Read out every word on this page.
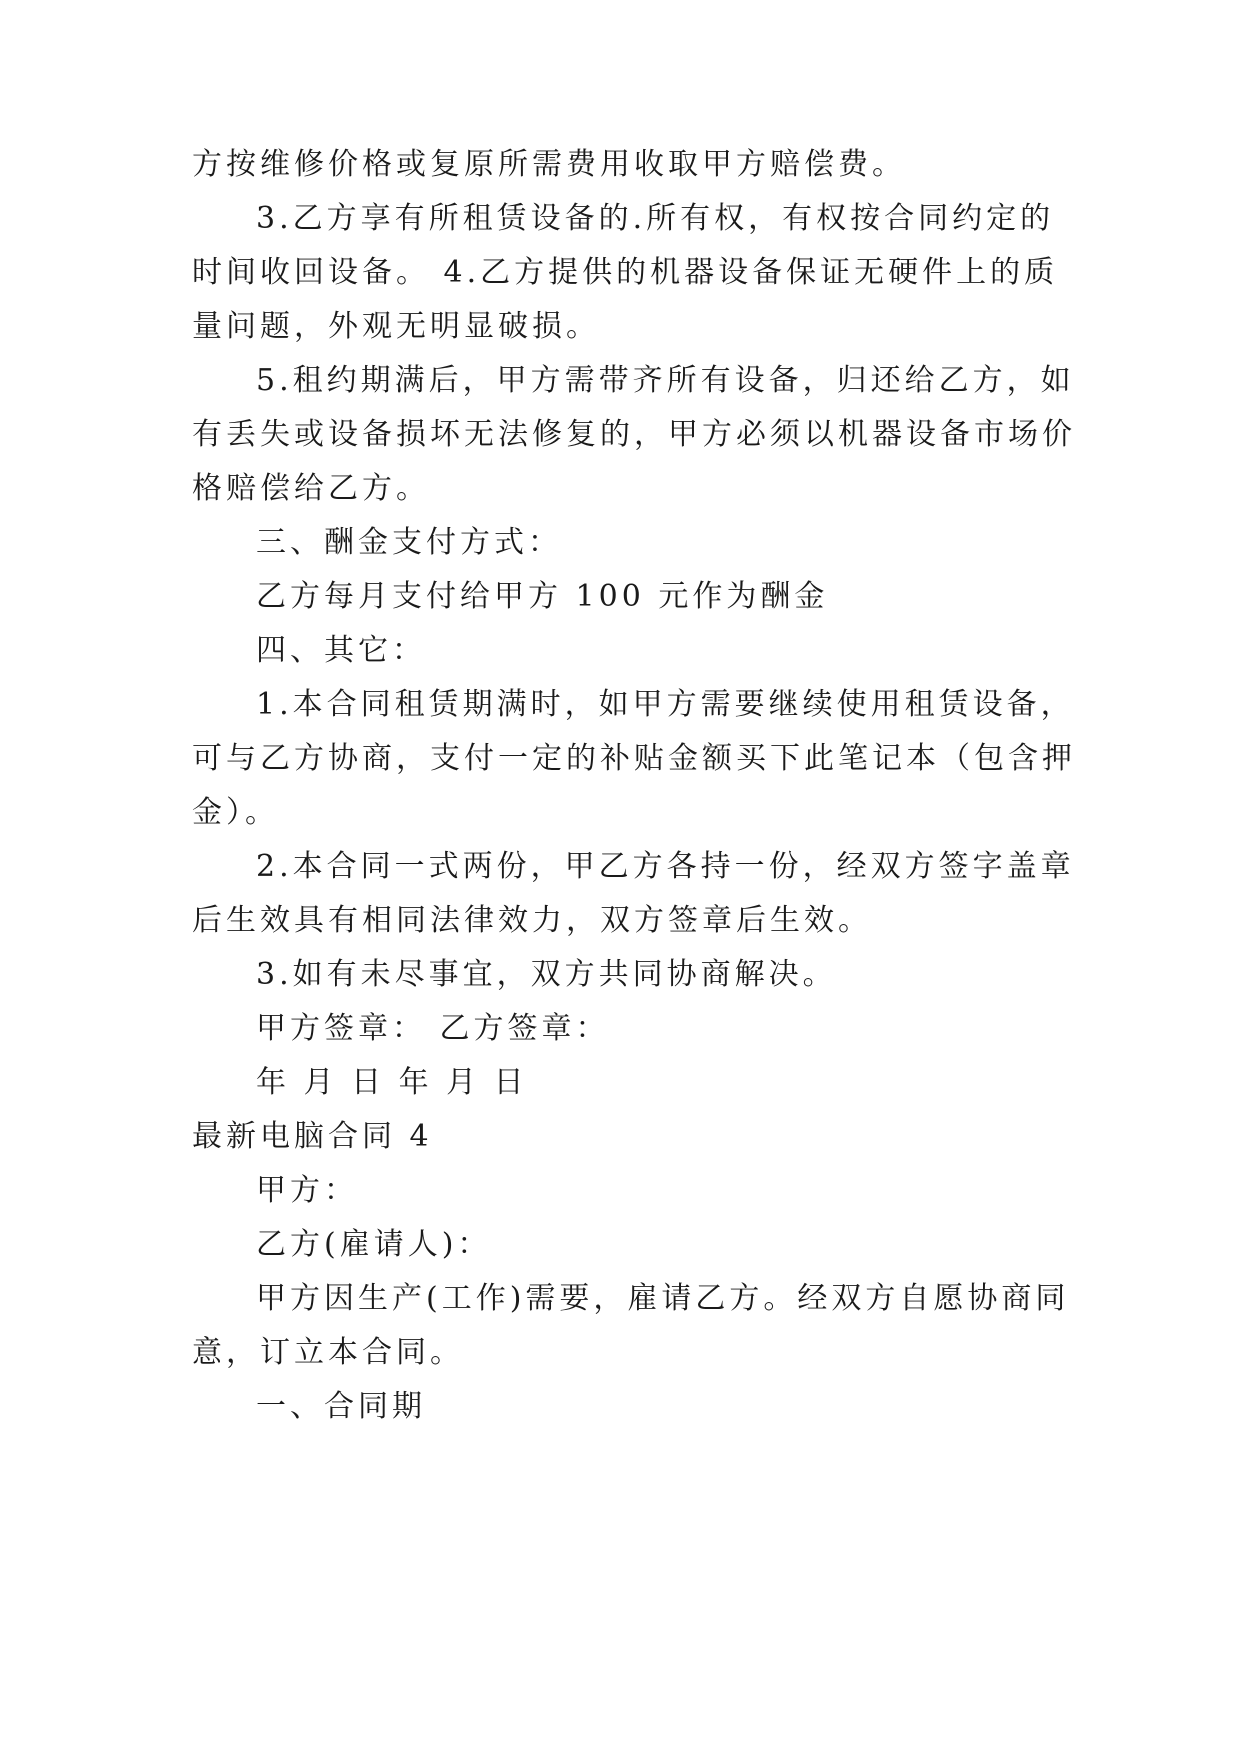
方按维修价格或复原所需费用收取甲方赔偿费。
3.乙方享有所租赁设备的.所有权，有权按合同约定的
时间收回设备。 4.乙方提供的机器设备保证无硬件上的质
量问题，外观无明显破损。
5.租约期满后，甲方需带齐所有设备，归还给乙方，如
有丢失或设备损坏无法修复的，甲方必须以机器设备市场价
格赔偿给乙方。
三、酬金支付方式：
乙方每月支付给甲方 100 元作为酬金
四、其它：
1.本合同租赁期满时，如甲方需要继续使用租赁设备，
可与乙方协商，支付一定的补贴金额买下此笔记本（包含押
金）。
2.本合同一式两份，甲乙方各持一份，经双方签字盖章
后生效具有相同法律效力，双方签章后生效。
3.如有未尽事宜，双方共同协商解决。
甲方签章： 乙方签章：
年 月 日 年 月 日
最新电脑合同 4
甲方：
乙方(雇请人)：
甲方因生产(工作)需要，雇请乙方。经双方自愿协商同
意，订立本合同。
一、合同期
